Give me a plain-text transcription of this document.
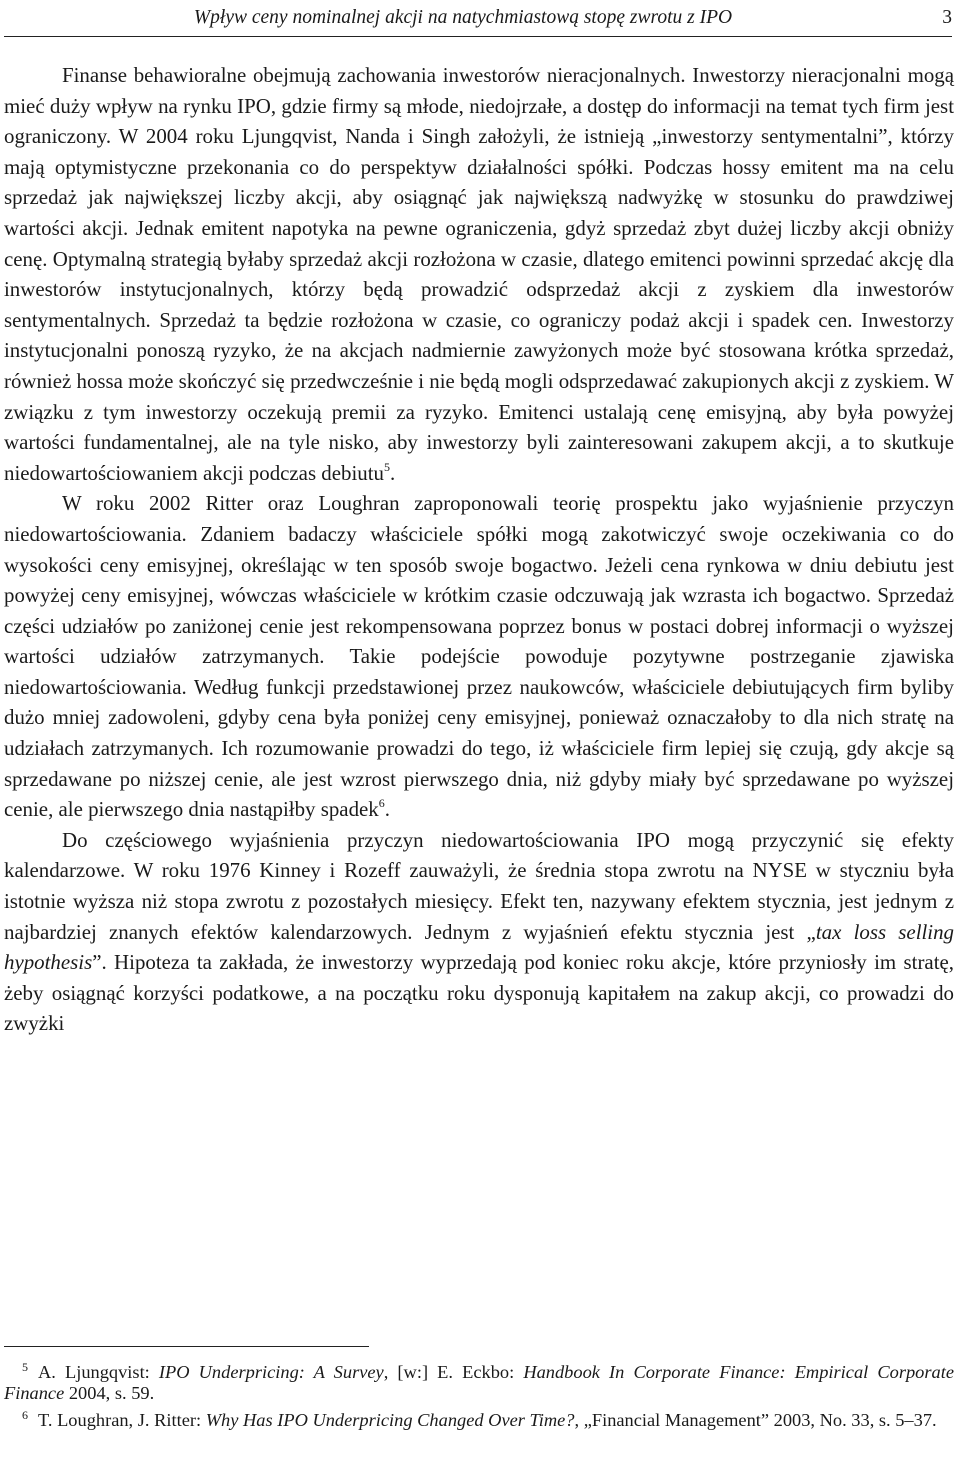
Wpływ ceny nominalnej akcji na natychmiastową stopę zwrotu z IPO	3

Finanse behawioralne obejmują zachowania inwestorów nieracjonalnych. Inwestorzy nieracjonalni mogą mieć duży wpływ na rynku IPO, gdzie firmy są młode, niedojrzałe, a dostęp do informacji na temat tych firm jest ograniczony. W 2004 roku Ljungqvist, Nanda i Singh założyli, że istnieją „inwestorzy sentymentalni”, którzy mają optymistyczne przekonania co do perspektyw działalności spółki. Podczas hossy emitent ma na celu sprzedaż jak największej liczby akcji, aby osiągnąć jak największą nadwyżkę w stosunku do prawdziwej wartości akcji. Jednak emitent napotyka na pewne ograniczenia, gdyż sprzedaż zbyt dużej liczby akcji obniży cenę. Optymalną strategią byłaby sprzedaż akcji rozłożona w czasie, dlatego emitenci powinni sprzedać akcję dla inwestorów instytucjonalnych, którzy będą prowadzić odsprzedaż akcji z zyskiem dla inwestorów sentymentalnych. Sprzedaż ta będzie rozłożona w czasie, co ograniczy podaż akcji i spadek cen. Inwestorzy instytucjonalni ponoszą ryzyko, że na akcjach nadmiernie zawyżonych może być stosowana krótka sprzedaż, również hossa może skończyć się przedwcześnie i nie będą mogli odsprzedawać zakupionych akcji z zyskiem. W związku z tym inwestorzy oczekują premii za ryzyko. Emitenci ustalają cenę emisyjną, aby była powyżej wartości fundamentalnej, ale na tyle nisko, aby inwestorzy byli zainteresowani zakupem akcji, a to skutkuje niedowartościowaniem akcji podczas debiutu$^5$.

W roku 2002 Ritter oraz Loughran zaproponowali teorię prospektu jako wyjaśnienie przyczyn niedowartościowania. Zdaniem badaczy właściciele spółki mogą zakotwiczyć swoje oczekiwania co do wysokości ceny emisyjnej, określając w ten sposób swoje bogactwo. Jeżeli cena rynkowa w dniu debiutu jest powyżej ceny emisyjnej, wówczas właściciele w krótkim czasie odczuwają jak wzrasta ich bogactwo. Sprzedaż części udziałów po zaniżonej cenie jest rekompensowana poprzez bonus w postaci dobrej informacji o wyższej wartości udziałów zatrzymanych. Takie podejście powoduje pozytywne postrzeganie zjawiska niedowartościowania. Według funkcji przedstawionej przez naukowców, właściciele debiutujących firm byliby dużo mniej zadowoleni, gdyby cena była poniżej ceny emisyjnej, ponieważ oznaczałoby to dla nich stratę na udziałach zatrzymanych. Ich rozumowanie prowadzi do tego, iż właściciele firm lepiej się czują, gdy akcje są sprzedawane po niższej cenie, ale jest wzrost pierwszego dnia, niż gdyby miały być sprzedawane po wyższej cenie, ale pierwszego dnia nastąpiłby spadek$^6$.

Do częściowego wyjaśnienia przyczyn niedowartościowania IPO mogą przyczynić się efekty kalendarzowe. W roku 1976 Kinney i Rozeff zauważyli, że średnia stopa zwrotu na NYSE w styczniu była istotnie wyższa niż stopa zwrotu z pozostałych miesięcy. Efekt ten, nazywany efektem stycznia, jest jednym z najbardziej znanych efektów kalendarzowych. Jednym z wyjaśnień efektu stycznia jest „tax loss selling hypothesis”. Hipoteza ta zakłada, że inwestorzy wyprzedają pod koniec roku akcje, które przyniosły im stratę, żeby osiągnąć korzyści podatkowe, a na początku roku dysponują kapitałem na zakup akcji, co prowadzi do zwyżki

$^5$ A. Ljungqvist: IPO Underpricing: A Survey, [w:] E. Eckbo: Handbook In Corporate Finance: Empirical Corporate Finance 2004, s. 59.

$^6$ T. Loughran, J. Ritter: Why Has IPO Underpricing Changed Over Time?, „Financial Management” 2003, No. 33, s. 5–37.
